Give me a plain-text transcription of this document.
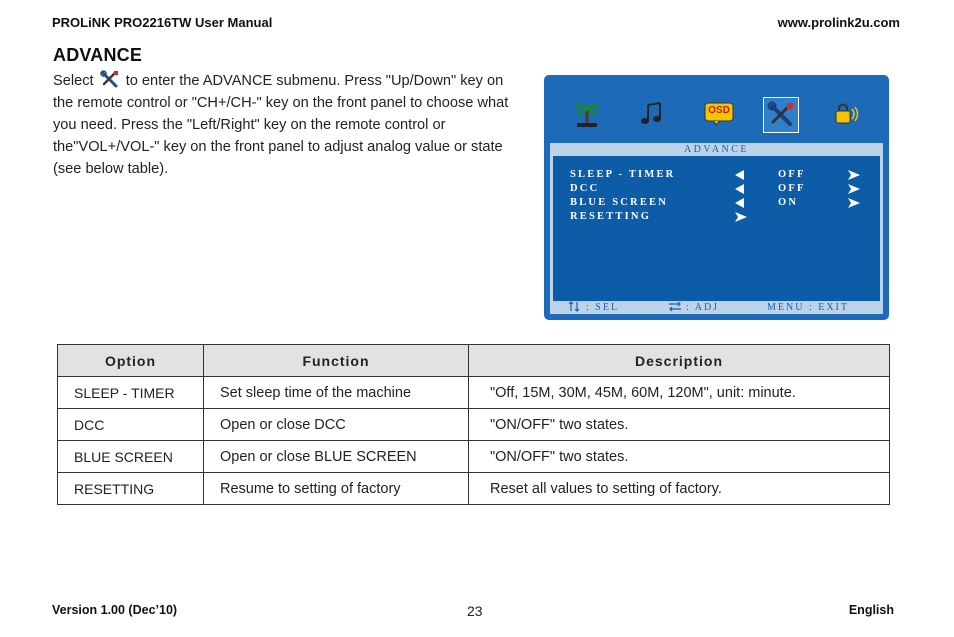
PROLiNK PRO2216TW User Manual	www.prolink2u.com
ADVANCE
Select to enter the ADVANCE submenu. Press "Up/Down" key on the remote control or "CH+/CH-" key on the front panel to choose what you need. Press the "Left/Right" key on the remote control or the"VOL+/VOL-" key on the front panel to adjust analog value or state (see below table).
OSD
ADVANCE
SLEEP - TIMER	OFF
DCC	OFF
BLUE SCREEN	ON
RESETTING
: SEL	: ADJ	MENU : EXIT
Option	Function	Description
SLEEP - TIMER	Set sleep time of the machine	"Off, 15M, 30M, 45M, 60M, 120M", unit: minute.
DCC	Open or close DCC	"ON/OFF" two states.
BLUE SCREEN	Open or close BLUE SCREEN	"ON/OFF" two states.
RESETTING	Resume to setting of factory	Reset all values to setting of factory.
Version 1.00 (Dec’10)	23	English
